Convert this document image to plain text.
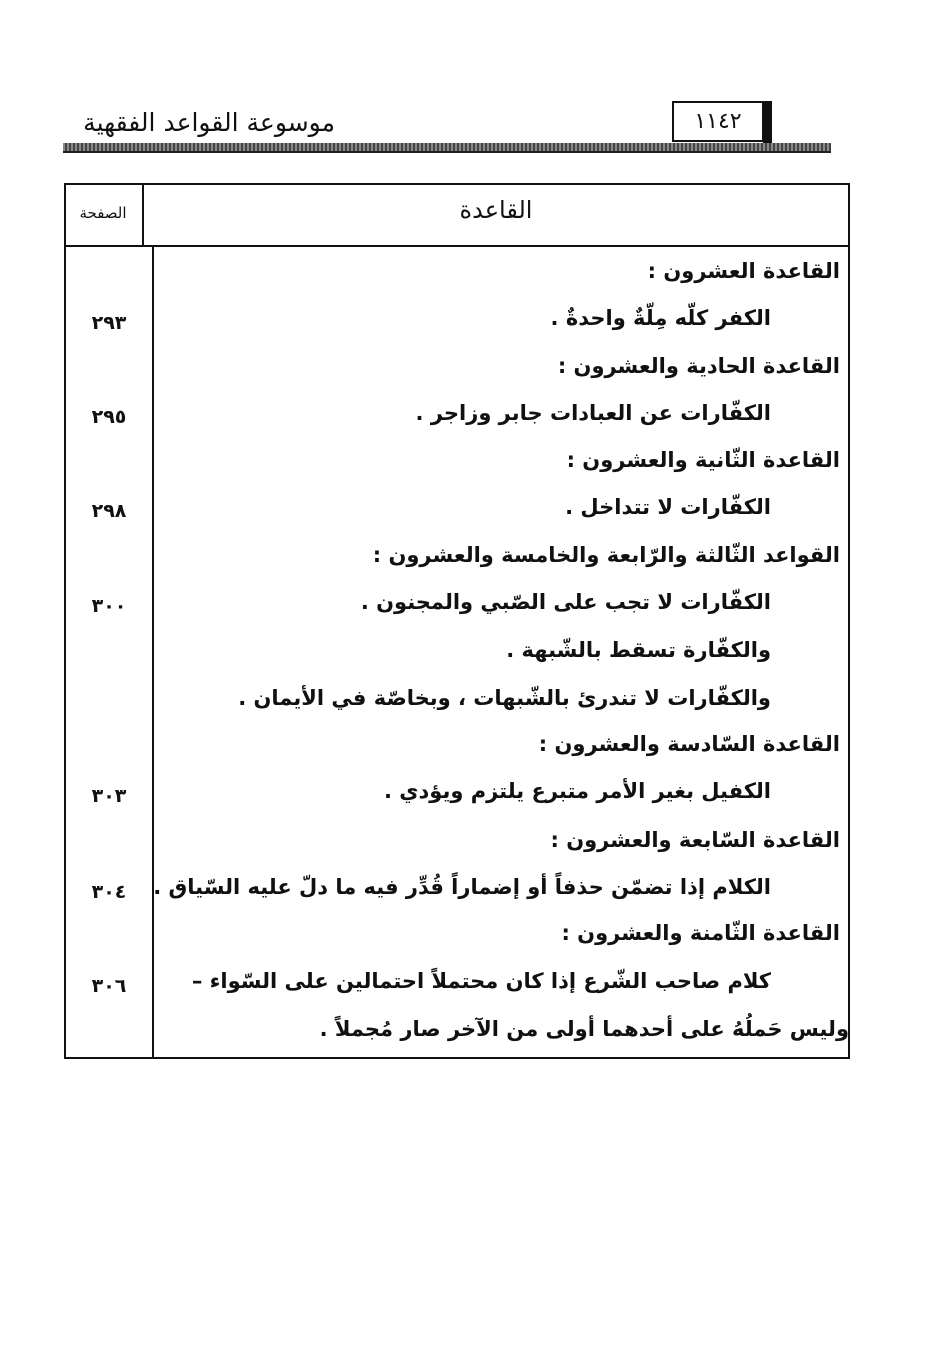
موسوعة القواعد الفقهية	١١٤٢
القاعدة
الصفحة
القاعدة العشرون :
الكفر كلّه مِلّةٌ واحدةٌ .
٢٩٣
القاعدة الحادية والعشرون :
الكفّارات عن العبادات جابر وزاجر .
٢٩٥
القاعدة الثّانية والعشرون :
الكفّارات لا تتداخل .
٢٩٨
القواعد الثّالثة والرّابعة والخامسة والعشرون :
الكفّارات لا تجب على الصّبي والمجنون .
٣٠٠
والكفّارة تسقط بالشّبهة .
والكفّارات لا تندرئ بالشّبهات ، وبخاصّة في الأيمان .
القاعدة السّادسة والعشرون :
الكفيل بغير الأمر متبرع يلتزم ويؤدي .
٣٠٣
القاعدة السّابعة والعشرون :
الكلام إذا تضمّن حذفاً أو إضماراً قُدِّر فيه ما دلّ عليه السّياق .
٣٠٤
القاعدة الثّامنة والعشرون :
كلام صاحب الشّرع إذا كان محتملاً احتمالين على السّواء –
٣٠٦
وليس حَملُهُ على أحدهما أولى من الآخر صار مُجملاً .
